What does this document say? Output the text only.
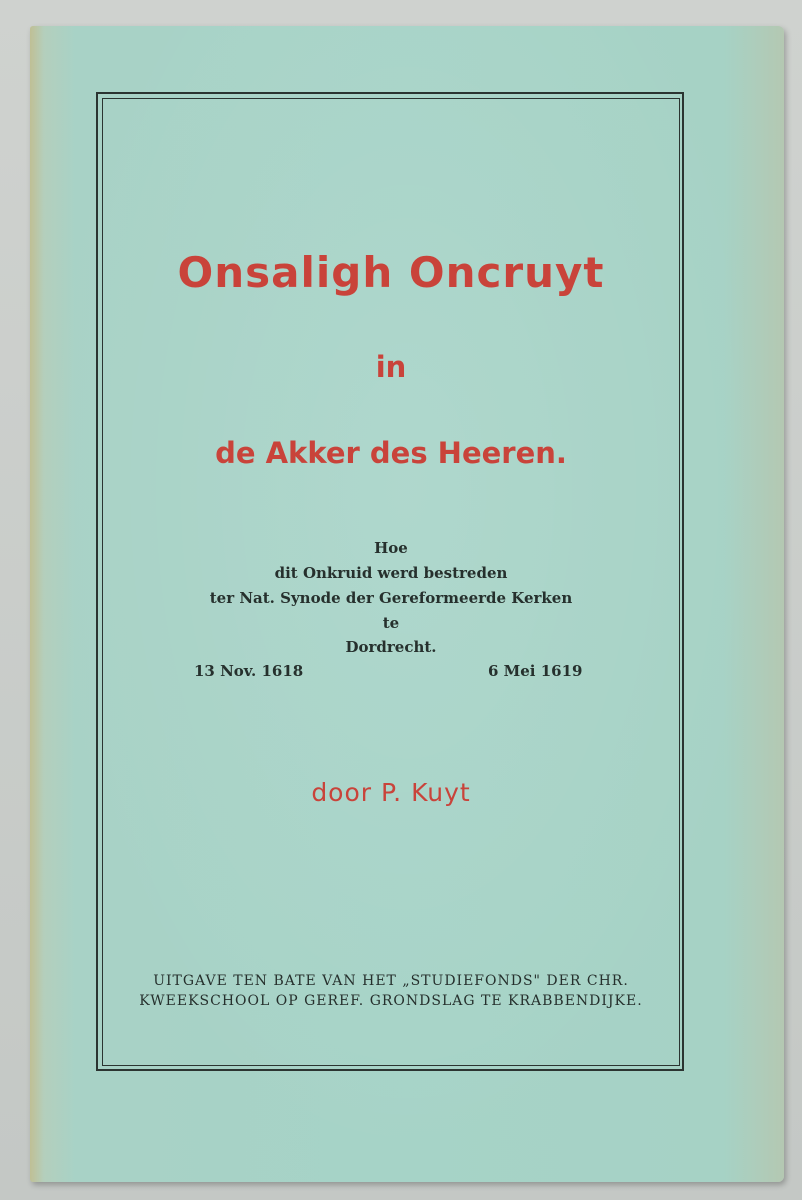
Onsaligh Oncruyt
in
de Akker des Heeren.
Hoe
dit Onkruid werd bestreden
ter Nat. Synode der Gereformeerde Kerken
te
Dordrecht.
13 Nov. 1618	6 Mei 1619
door P. Kuyt
UITGAVE TEN BATE VAN HET „STUDIEFONDS" DER CHR.
KWEEKSCHOOL OP GEREF. GRONDSLAG TE KRABBENDIJKE.
